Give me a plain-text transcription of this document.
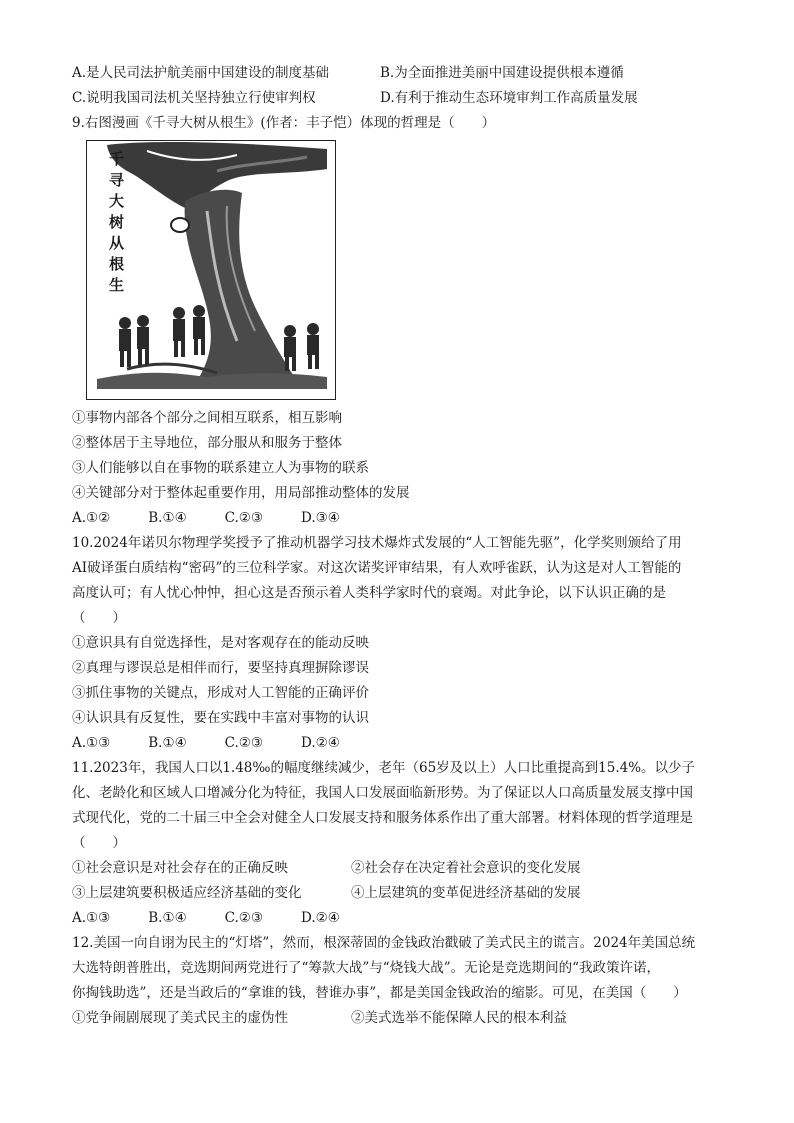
A.是人民司法护航美丽中国建设的制度基础	B.为全面推进美丽中国建设提供根本遵循
C.说明我国司法机关坚持独立行使审判权	D.有利于推动生态环境审判工作高质量发展
9.右图漫画《千寻大树从根生》(作者：丰子恺）体现的哲理是（　　）
千寻大树从根生
①事物内部各个部分之间相互联系，相互影响
②整体居于主导地位，部分服从和服务于整体
③人们能够以自在事物的联系建立人为事物的联系
④关键部分对于整体起重要作用，用局部推动整体的发展
A.①②	B.①④	C.②③	D.③④
10.2024年诺贝尔物理学奖授予了推动机器学习技术爆炸式发展的“人工智能先驱”，化学奖则颁给了用
AI破译蛋白质结构“密码”的三位科学家。对这次诺奖评审结果，有人欢呼雀跃，认为这是对人工智能的
高度认可；有人忧心忡忡，担心这是否预示着人类科学家时代的衰竭。对此争论，以下认识正确的是
（　　）
①意识具有自觉选择性，是对客观存在的能动反映
②真理与谬误总是相伴而行，要坚持真理摒除谬误
③抓住事物的关键点，形成对人工智能的正确评价
④认识具有反复性，要在实践中丰富对事物的认识
A.①③	B.①④	C.②③	D.②④
11.2023年，我国人口以1.48‰的幅度继续减少，老年（65岁及以上）人口比重提高到15.4%。以少子
化、老龄化和区域人口增减分化为特征，我国人口发展面临新形势。为了保证以人口高质量发展支撑中国
式现代化，党的二十届三中全会对健全人口发展支持和服务体系作出了重大部署。材料体现的哲学道理是
（　　）
①社会意识是对社会存在的正确反映	②社会存在决定着社会意识的变化发展
③上层建筑要积极适应经济基础的变化	④上层建筑的变革促进经济基础的发展
A.①③	B.①④	C.②③	D.②④
12.美国一向自诩为民主的“灯塔”，然而，根深蒂固的金钱政治戳破了美式民主的谎言。2024年美国总统
大选特朗普胜出，竞选期间两党进行了“筹款大战”与“烧钱大战”。无论是竞选期间的“我政策许诺，
你掏钱助选”，还是当政后的“拿谁的钱，替谁办事”，都是美国金钱政治的缩影。可见，在美国（　　）
①党争闹剧展现了美式民主的虚伪性	②美式选举不能保障人民的根本利益
